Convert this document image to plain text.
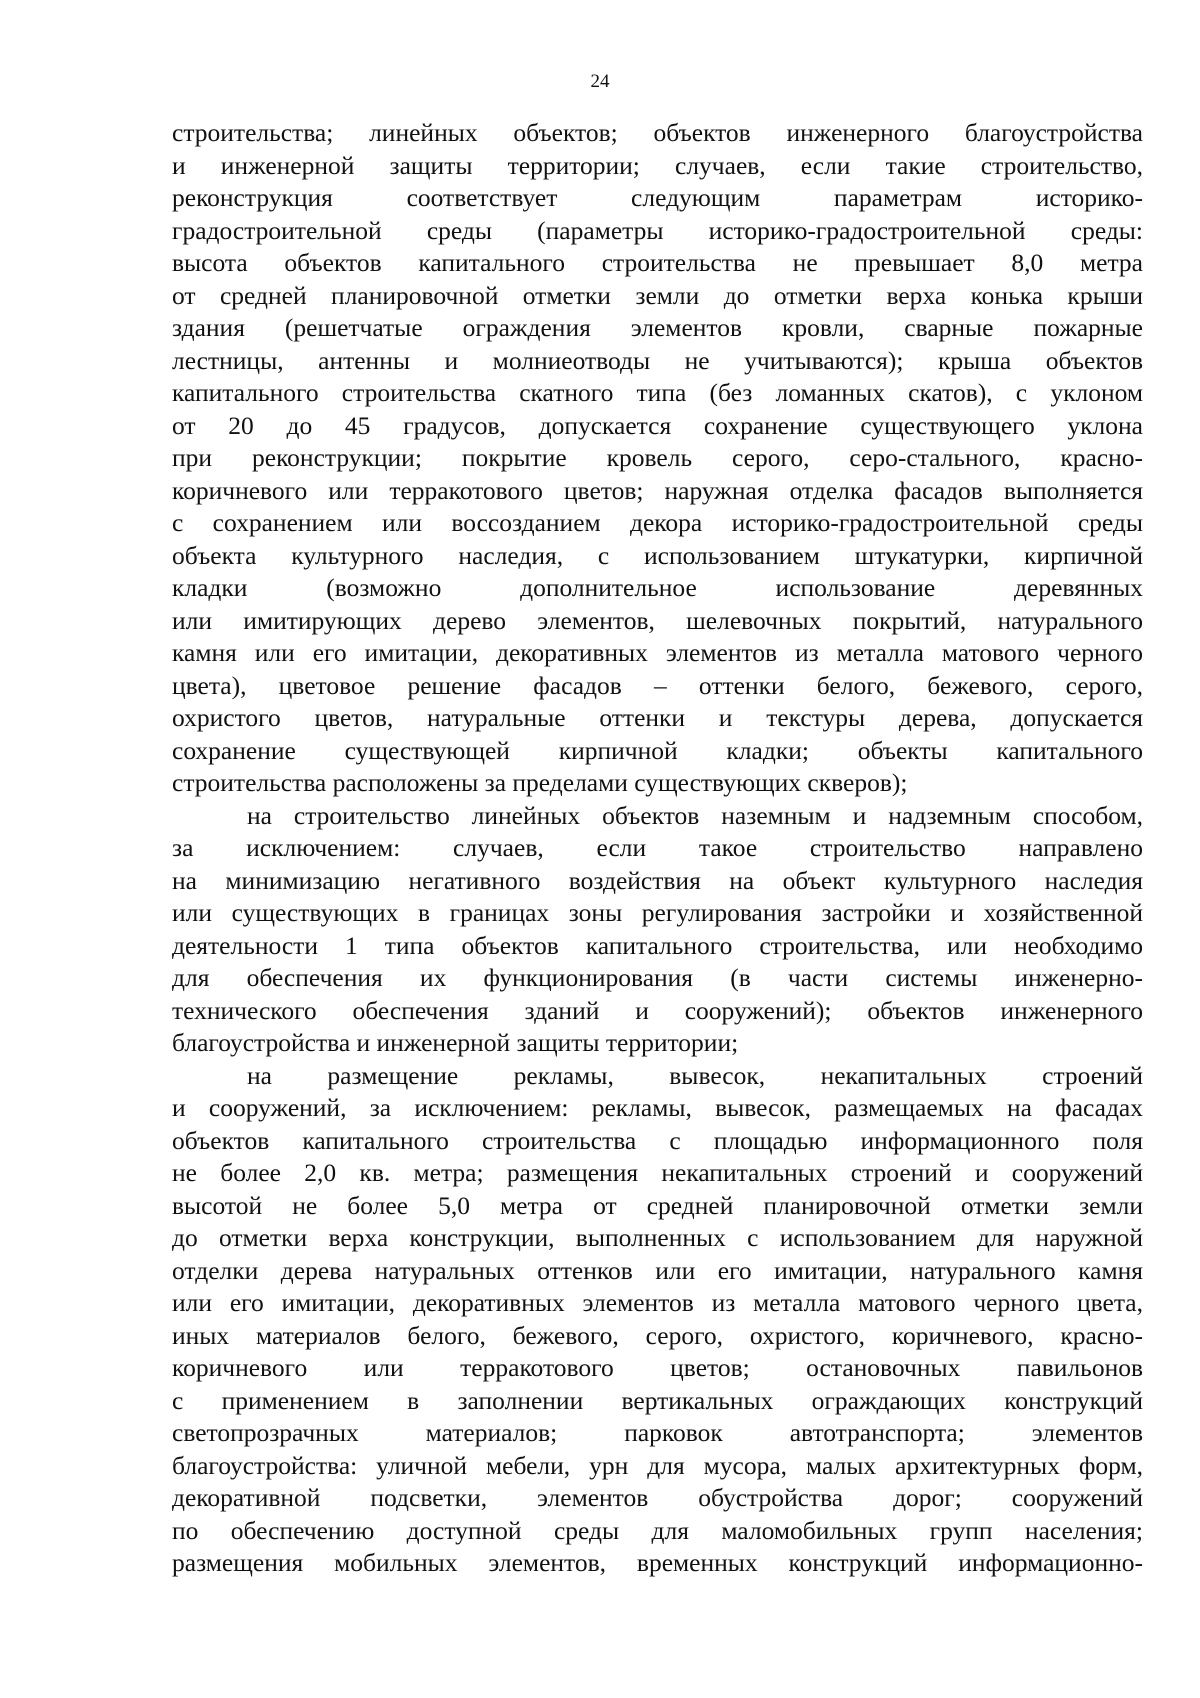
24
строительства; линейных объектов; объектов инженерного благоустройства
и инженерной защиты территории; случаев, если такие строительство,
реконструкция соответствует следующим параметрам историко-
градостроительной среды (параметры историко-градостроительной среды:
высота объектов капитального строительства не превышает 8,0 метра
от средней планировочной отметки земли до отметки верха конька крыши
здания (решетчатые ограждения элементов кровли, сварные пожарные
лестницы, антенны и молниеотводы не учитываются); крыша объектов
капитального строительства скатного типа (без ломанных скатов), с уклоном
от 20 до 45 градусов, допускается сохранение существующего уклона
при реконструкции; покрытие кровель серого, серо-стального, красно-
коричневого или терракотового цветов; наружная отделка фасадов выполняется
с сохранением или воссозданием декора историко-градостроительной среды
объекта культурного наследия, с использованием штукатурки, кирпичной
кладки (возможно дополнительное использование деревянных
или имитирующих дерево элементов, шелевочных покрытий, натурального
камня или его имитации, декоративных элементов из металла матового черного
цвета), цветовое решение фасадов – оттенки белого, бежевого, серого,
охристого цветов, натуральные оттенки и текстуры дерева, допускается
сохранение существующей кирпичной кладки; объекты капитального
строительства расположены за пределами существующих скверов);
на строительство линейных объектов наземным и надземным способом,
за исключением: случаев, если такое строительство направлено
на минимизацию негативного воздействия на объект культурного наследия
или существующих в границах зоны регулирования застройки и хозяйственной
деятельности 1 типа объектов капитального строительства, или необходимо
для обеспечения их функционирования (в части системы инженерно-
технического обеспечения зданий и сооружений); объектов инженерного
благоустройства и инженерной защиты территории;
на размещение рекламы, вывесок, некапитальных строений
и сооружений, за исключением: рекламы, вывесок, размещаемых на фасадах
объектов капитального строительства с площадью информационного поля
не более 2,0 кв. метра; размещения некапитальных строений и сооружений
высотой не более 5,0 метра от средней планировочной отметки земли
до отметки верха конструкции, выполненных с использованием для наружной
отделки дерева натуральных оттенков или его имитации, натурального камня
или его имитации, декоративных элементов из металла матового черного цвета,
иных материалов белого, бежевого, серого, охристого, коричневого, красно-
коричневого или терракотового цветов; остановочных павильонов
с применением в заполнении вертикальных ограждающих конструкций
светопрозрачных материалов; парковок автотранспорта; элементов
благоустройства: уличной мебели, урн для мусора, малых архитектурных форм,
декоративной подсветки, элементов обустройства дорог; сооружений
по обеспечению доступной среды для маломобильных групп населения;
размещения мобильных элементов, временных конструкций информационно-
